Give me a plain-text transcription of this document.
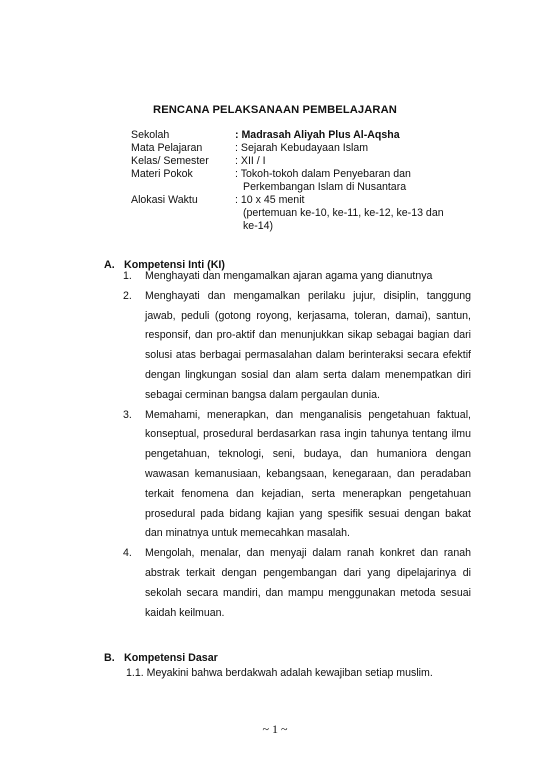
RENCANA PELAKSANAAN PEMBELAJARAN
Sekolah	: Madrasah Aliyah Plus Al-Aqsha
Mata Pelajaran	: Sejarah Kebudayaan Islam
Kelas/ Semester	: XII / I
Materi Pokok	: Tokoh-tokoh dalam Penyebaran dan
Perkembangan Islam di Nusantara
Alokasi Waktu	: 10 x 45 menit
(pertemuan ke-10, ke-11, ke-12, ke-13 dan
ke-14)
A. Kompetensi Inti (KI)
1. Menghayati dan mengamalkan ajaran agama yang dianutnya
2. Menghayati dan mengamalkan perilaku jujur, disiplin, tanggung jawab, peduli (gotong royong, kerjasama, toleran, damai), santun, responsif, dan pro-aktif dan menunjukkan sikap sebagai bagian dari solusi atas berbagai permasalahan dalam berinteraksi secara efektif dengan lingkungan sosial dan alam serta dalam menempatkan diri sebagai cerminan bangsa dalam pergaulan dunia.
3. Memahami, menerapkan, dan menganalisis pengetahuan faktual, konseptual, prosedural berdasarkan rasa ingin tahunya tentang ilmu pengetahuan, teknologi, seni, budaya, dan humaniora dengan wawasan kemanusiaan, kebangsaan, kenegaraan, dan peradaban terkait fenomena dan kejadian, serta menerapkan pengetahuan prosedural pada bidang kajian yang spesifik sesuai dengan bakat dan minatnya untuk memecahkan masalah.
4. Mengolah, menalar, dan menyaji dalam ranah konkret dan ranah abstrak terkait dengan pengembangan dari yang dipelajarinya di sekolah secara mandiri, dan mampu menggunakan metoda sesuai kaidah keilmuan.
B. Kompetensi Dasar
1.1. Meyakini bahwa berdakwah adalah kewajiban setiap muslim.
~ 1 ~
